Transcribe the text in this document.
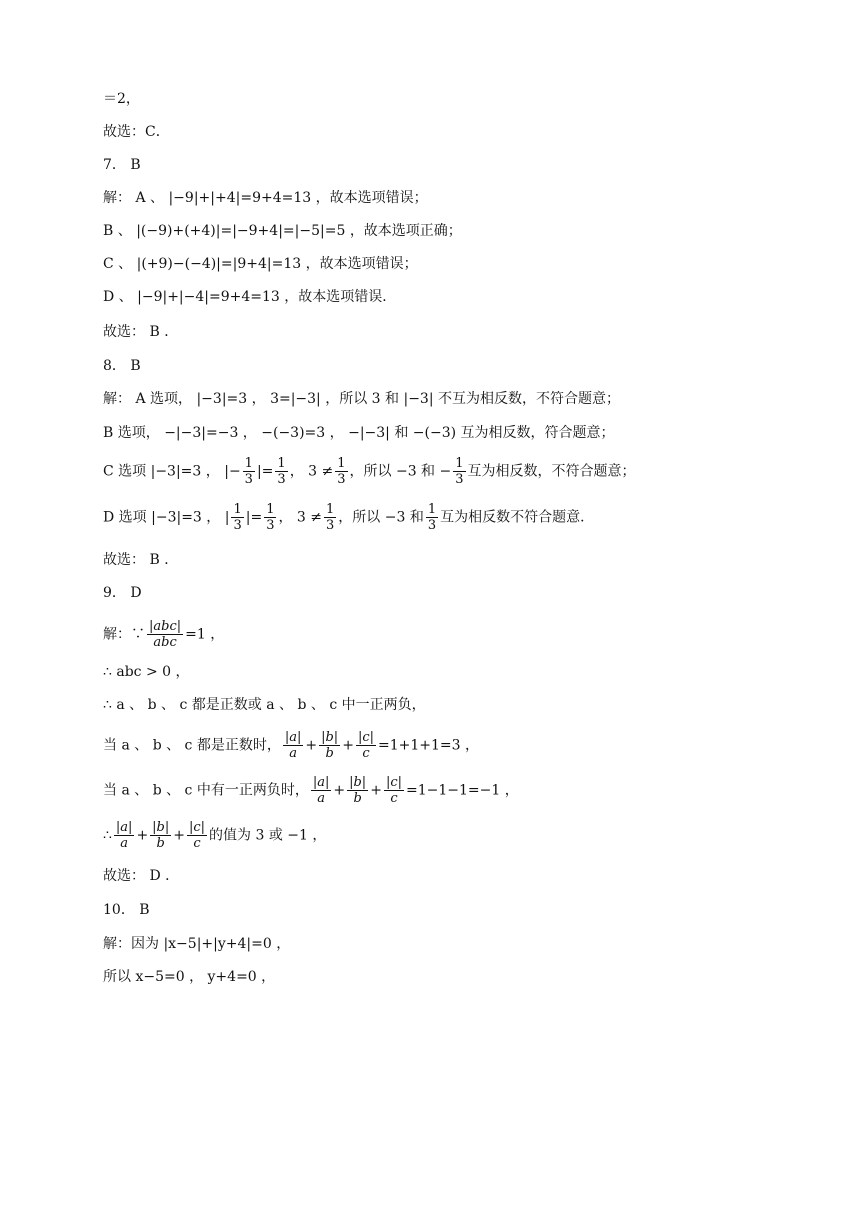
＝2，
故选：C．
7． B
解： A 、 |−9|+|+4|=9+4=13 ，故本选项错误；
B 、 |(−9)+(+4)|=|−9+4|=|−5|=5 ，故本选项正确；
C 、 |(+9)−(−4)|=|9+4|=13 ，故本选项错误；
D 、 |−9|+|−4|=9+4=13 ，故本选项错误．
故选： B ．
8． B
解： A 选项， |−3|=3 ， 3=|−3| ，所以 3 和 |−3| 不互为相反数，不符合题意；
B 选项， −|−3|=−3 ， −(−3)=3 ， −|−3| 和 −(−3) 互为相反数，符合题意；
C 选项 |−3|=3 ， |− $\frac{1}{3}$ |= $\frac{1}{3}$ ， $3 \ne \frac{1}{3}$ ，所以 −3 和 − $\frac{1}{3}$ 互为相反数，不符合题意；
D 选项 |−3|=3 ， | $\frac{1}{3}$ |= $\frac{1}{3}$ ， $3 \ne \frac{1}{3}$ ，所以 −3 和 $\frac{1}{3}$ 互为相反数不符合题意．
故选： B ．
9． D
解：∵ $\frac{\text{|abc|}}{\text{abc}} =1$ ，
∴ abc > 0 ，
∴ a 、 b 、 c 都是正数或 a 、 b 、 c 中一正两负，
当 a 、 b 、 c 都是正数时， $\frac{|a|}{a} + \frac{|b|}{b} + \frac{|c|}{c} =1+1+1=3$ ，
当 a 、 b 、 c 中有一正两负时， $\frac{|a|}{a} + \frac{|b|}{b} + \frac{|c|}{c} =1-1-1=-1$ ，
∴ $\frac{|a|}{a} + \frac{|b|}{b} + \frac{|c|}{c}$ 的值为 3 或 −1 ，
故选： D ．
10． B
解：因为 |x−5|+|y+4|=0 ，
所以 x−5=0 ， y+4=0 ，
